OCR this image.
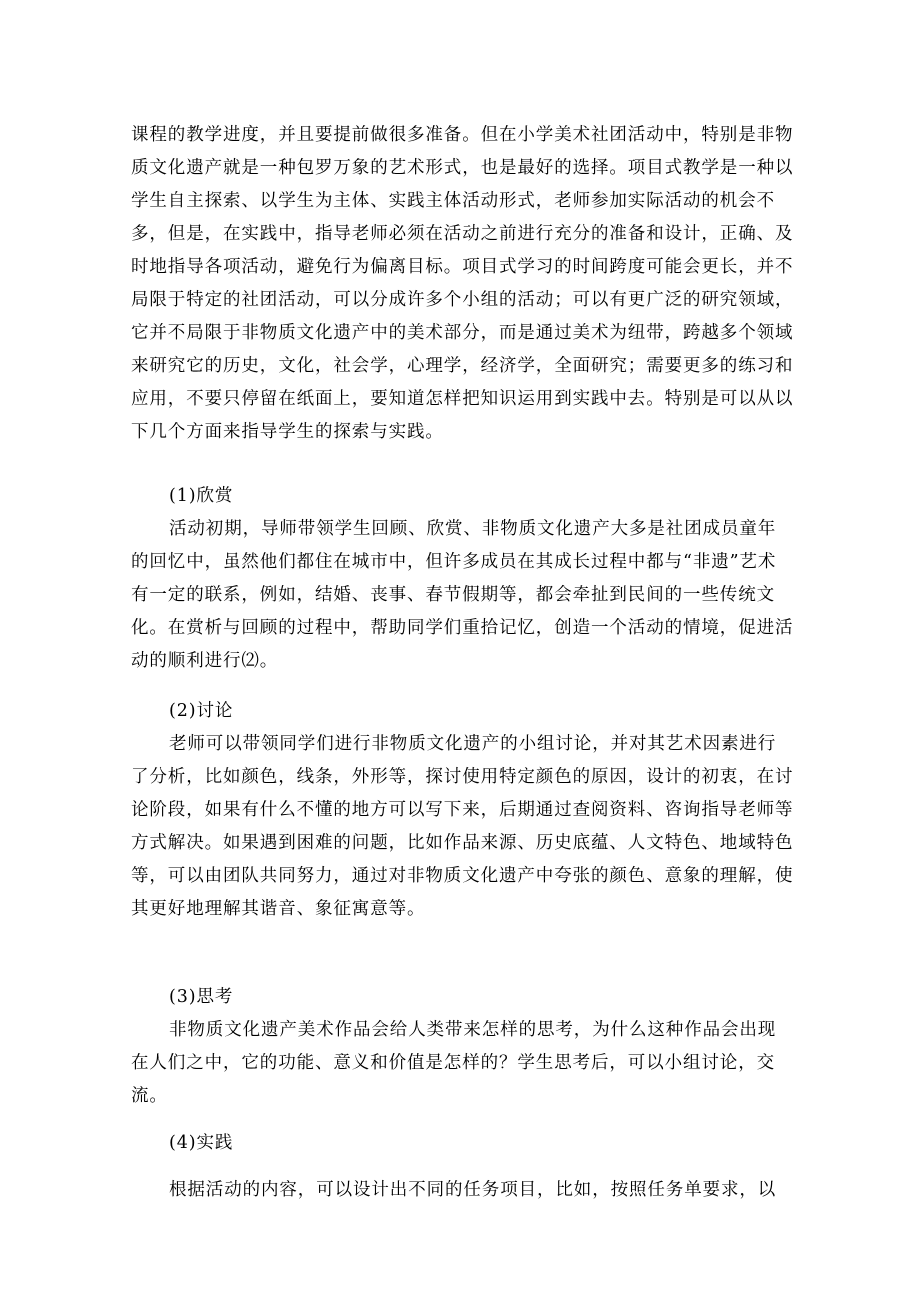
课程的教学进度，并且要提前做很多准备。但在小学美术社团活动中，特别是非物

质文化遗产就是一种包罗万象的艺术形式，也是最好的选择。项目式教学是一种以

学生自主探索、以学生为主体、实践主体活动形式，老师参加实际活动的机会不

多，但是，在实践中，指导老师必须在活动之前进行充分的准备和设计，正确、及

时地指导各项活动，避免行为偏离目标。项目式学习的时间跨度可能会更长，并不

局限于特定的社团活动，可以分成许多个小组的活动；可以有更广泛的研究领域，

它并不局限于非物质文化遗产中的美术部分，而是通过美术为纽带，跨越多个领域

来研究它的历史，文化，社会学，心理学，经济学，全面研究；需要更多的练习和

应用，不要只停留在纸面上，要知道怎样把知识运用到实践中去。特别是可以从以

下几个方面来指导学生的探索与实践。

(1)欣赏

活动初期，导师带领学生回顾、欣赏、非物质文化遗产大多是社团成员童年

的回忆中，虽然他们都住在城市中，但许多成员在其成长过程中都与“非遗”艺术

有一定的联系，例如，结婚、丧事、春节假期等，都会牵扯到民间的一些传统文

化。在赏析与回顾的过程中，帮助同学们重拾记忆，创造一个活动的情境，促进活

动的顺利进行⑵。

(2)讨论

老师可以带领同学们进行非物质文化遗产的小组讨论，并对其艺术因素进行

了分析，比如颜色，线条，外形等，探讨使用特定颜色的原因，设计的初衷，在讨

论阶段，如果有什么不懂的地方可以写下来，后期通过查阅资料、咨询指导老师等

方式解决。如果遇到困难的问题，比如作品来源、历史底蕴、人文特色、地域特色

等，可以由团队共同努力，通过对非物质文化遗产中夸张的颜色、意象的理解，使

其更好地理解其谐音、象征寓意等。

(3)思考

非物质文化遗产美术作品会给人类带来怎样的思考，为什么这种作品会出现

在人们之中，它的功能、意义和价值是怎样的？学生思考后，可以小组讨论，交

流。

(4)实践

根据活动的内容，可以设计出不同的任务项目，比如，按照任务单要求，以
